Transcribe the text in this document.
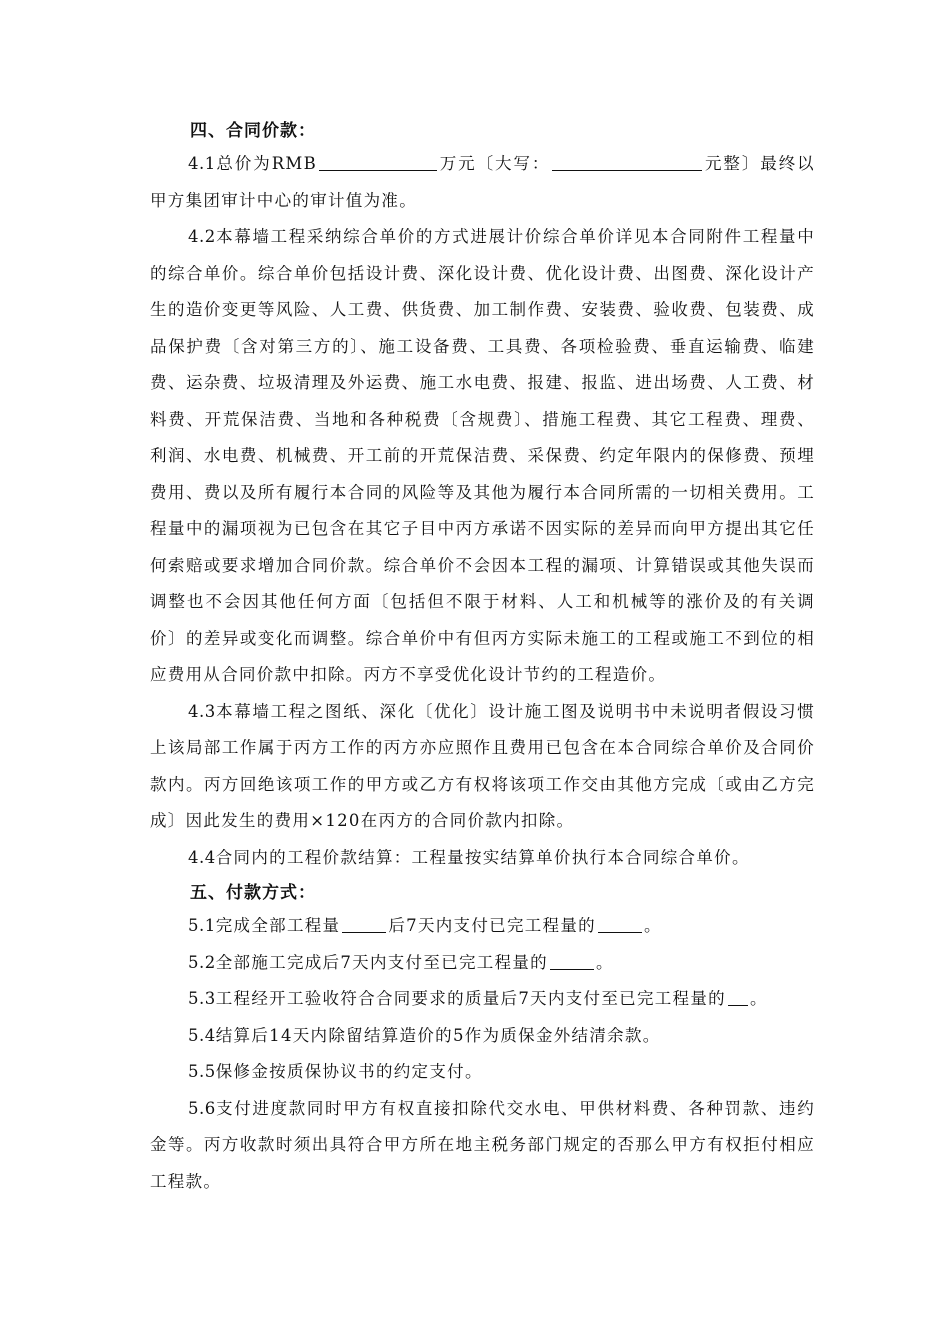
四、合同价款：

4.1总价为RMB	万元〔大写：	元整〕最终以甲方集团审计中心的审计值为准。

4.2本幕墙工程采纳综合单价的方式进展计价综合单价详见本合同附件工程量中的综合单价。综合单价包括设计费、深化设计费、优化设计费、出图费、深化设计产生的造价变更等风险、人工费、供货费、加工制作费、安装费、验收费、包装费、成品保护费〔含对第三方的〕、施工设备费、工具费、各项检验费、垂直运输费、临建费、运杂费、垃圾清理及外运费、施工水电费、报建、报监、进出场费、人工费、材料费、开荒保洁费、当地和各种税费〔含规费〕、措施工程费、其它工程费、理费、利润、水电费、机械费、开工前的开荒保洁费、采保费、约定年限内的保修费、预埋费用、费以及所有履行本合同的风险等及其他为履行本合同所需的一切相关费用。工程量中的漏项视为已包含在其它子目中丙方承诺不因实际的差异而向甲方提出其它任何索赔或要求增加合同价款。综合单价不会因本工程的漏项、计算错误或其他失误而调整也不会因其他任何方面〔包括但不限于材料、人工和机械等的涨价及的有关调价〕的差异或变化而调整。综合单价中有但丙方实际未施工的工程或施工不到位的相应费用从合同价款中扣除。丙方不享受优化设计节约的工程造价。

4.3本幕墙工程之图纸、深化〔优化〕设计施工图及说明书中未说明者假设习惯上该局部工作属于丙方工作的丙方亦应照作且费用已包含在本合同综合单价及合同价款内。丙方回绝该项工作的甲方或乙方有权将该项工作交由其他方完成〔或由乙方完成〕因此发生的费用×120在丙方的合同价款内扣除。

4.4合同内的工程价款结算：工程量按实结算单价执行本合同综合单价。

五、付款方式：

5.1完成全部工程量	后7天内支付已完工程量的	。

5.2全部施工完成后7天内支付至已完工程量的	。

5.3工程经开工验收符合合同要求的质量后7天内支付至已完工程量的 。

5.4结算后14天内除留结算造价的5作为质保金外结清余款。

5.5保修金按质保协议书的约定支付。

5.6支付进度款同时甲方有权直接扣除代交水电、甲供材料费、各种罚款、违约金等。丙方收款时须出具符合甲方所在地主税务部门规定的否那么甲方有权拒付相应工程款。
